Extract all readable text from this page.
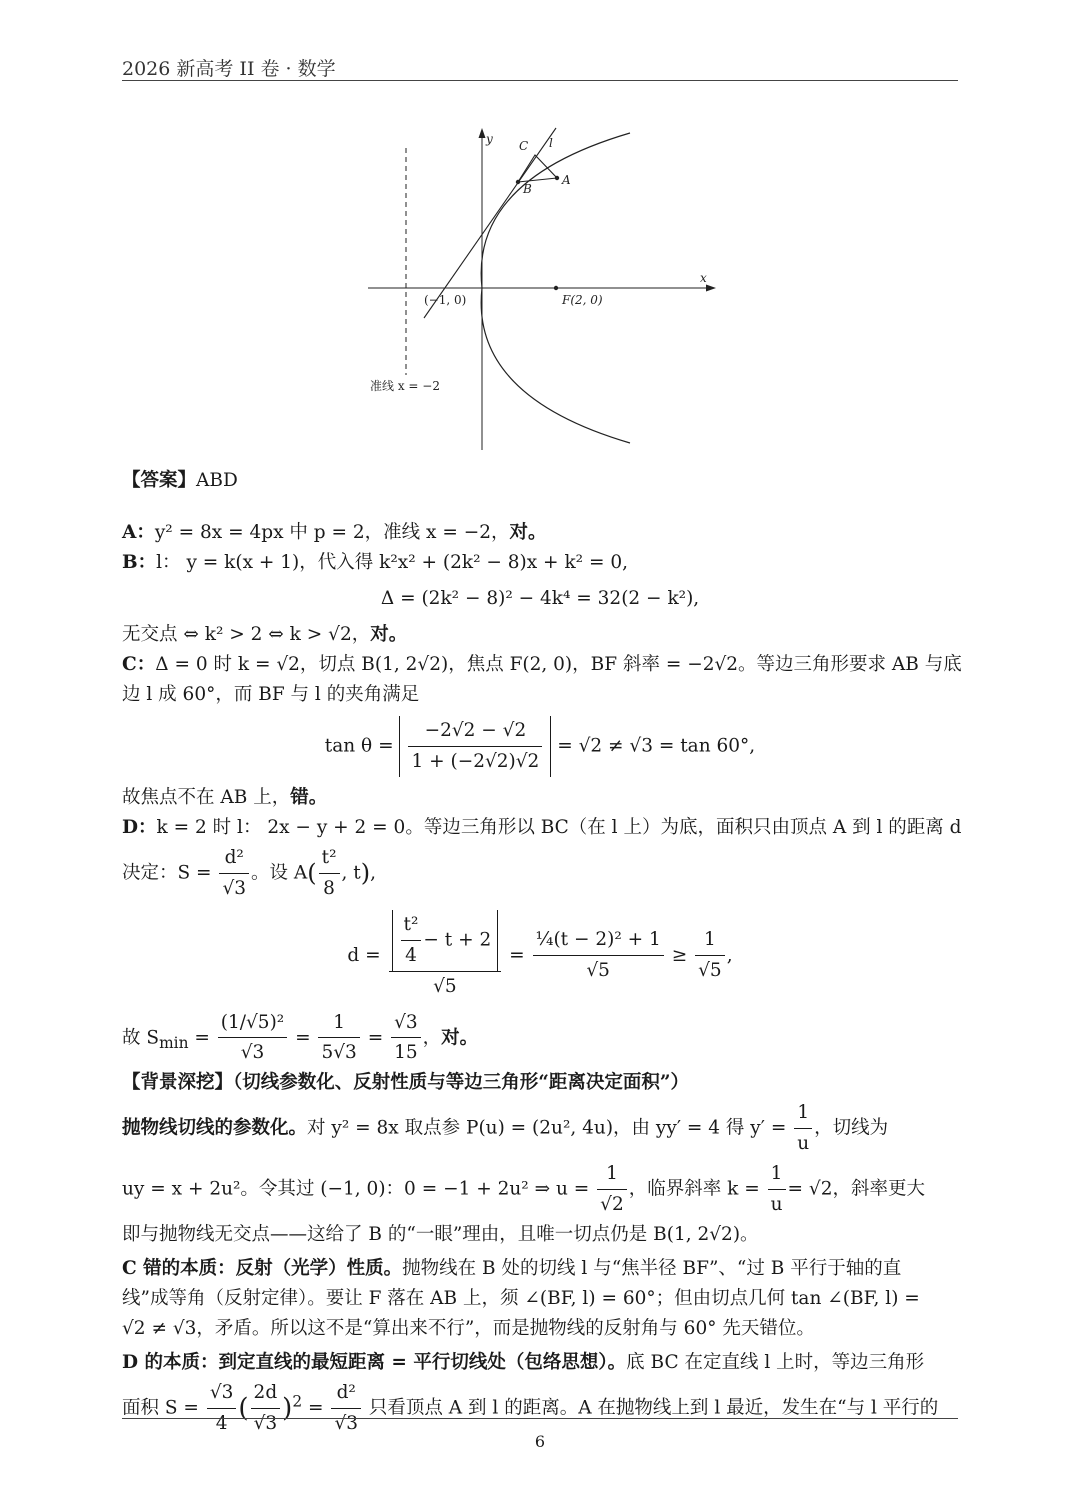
2026 新高考 II 卷 · 数学
y
x
l
C
B
A
(−1, 0)	F(2, 0)
准线 x = −2
【答案】ABD
A：y² = 8x = 4px 中 p = 2，准线 x = −2，对。
B：l： y = k(x + 1)，代入得 k²x² + (2k² − 8)x + k² = 0,
Δ = (2k² − 8)² − 4k⁴ = 32(2 − k²),
无交点 ⇔ k² > 2 ⇔ k > √2，对。
C：Δ = 0 时 k = √2，切点 B(1, 2√2)，焦点 F(2, 0)，BF 斜率 = −2√2。等边三角形要求 AB 与底
边 l 成 60°，而 BF 与 l 的夹角满足
$\tan \theta = \frac{-2√2 - √2}{1 + (-2√2)√2} = √2 \ne √3 = \tan 60^\circ$,
故焦点不在 AB 上，错。
D：k = 2 时 l： 2x − y + 2 = 0。等边三角形以 BC（在 l 上）为底，面积只由顶点 A 到 l 的距离 d
决定：$S = \frac{\text{d²}}{√3}$ 。设 $A( \frac{\text{t²}}{8}$ , t),
$d = \frac{\frac{\text{t²}}{4} - t + 2}{√5} = \frac{\text{¼(t − 2)² + 1}}{√5} \ge \frac{1}{√5}$ ,
故 $S_{min} = \frac{\text{(1/√5)²}}{√3} = \frac{1}{5√3} = \frac{√3}{15}$ ，对。
【背景深挖】（切线参数化、反射性质与等边三角形“距离决定面积”）
抛物线切线的参数化。对 y² = 8x 取点参 P(u) = (2u², 4u)，由 yy′ = 4 得 $y' = \frac{1}{u}$ ，切线为
uy = x + 2u²。令其过 (−1, 0)：0 = −1 + 2u² ⇒ $u = \frac{1}{√2}$ ，临界斜率 $k = \frac{1}{u} = √2$，斜率更大
即与抛物线无交点——这给了 B 的“一眼”理由，且唯一切点仍是 B(1, 2√2)。
C 错的本质：反射（光学）性质。抛物线在 B 处的切线 l 与“焦半径 BF”、“过 B 平行于轴的直
线”成等角（反射定律）。要让 F 落在 AB 上，须 ∠(BF, l) = 60°；但由切点几何 tan ∠(BF, l) =
√2 ≠ √3，矛盾。所以这不是“算出来不行”，而是抛物线的反射角与 60° 先天错位。
D 的本质：到定直线的最短距离 = 平行切线处（包络思想）。底 BC 在定直线 l 上时，等边三角形
面积 $S = \frac{√3}{4}$ ( $\frac{2d}{√3} )^2 = \frac{\text{d²}}{√3}$ 只看顶点 A 到 l 的距离。A 在抛物线上到 l 最近，发生在“与 l 平行的
6
